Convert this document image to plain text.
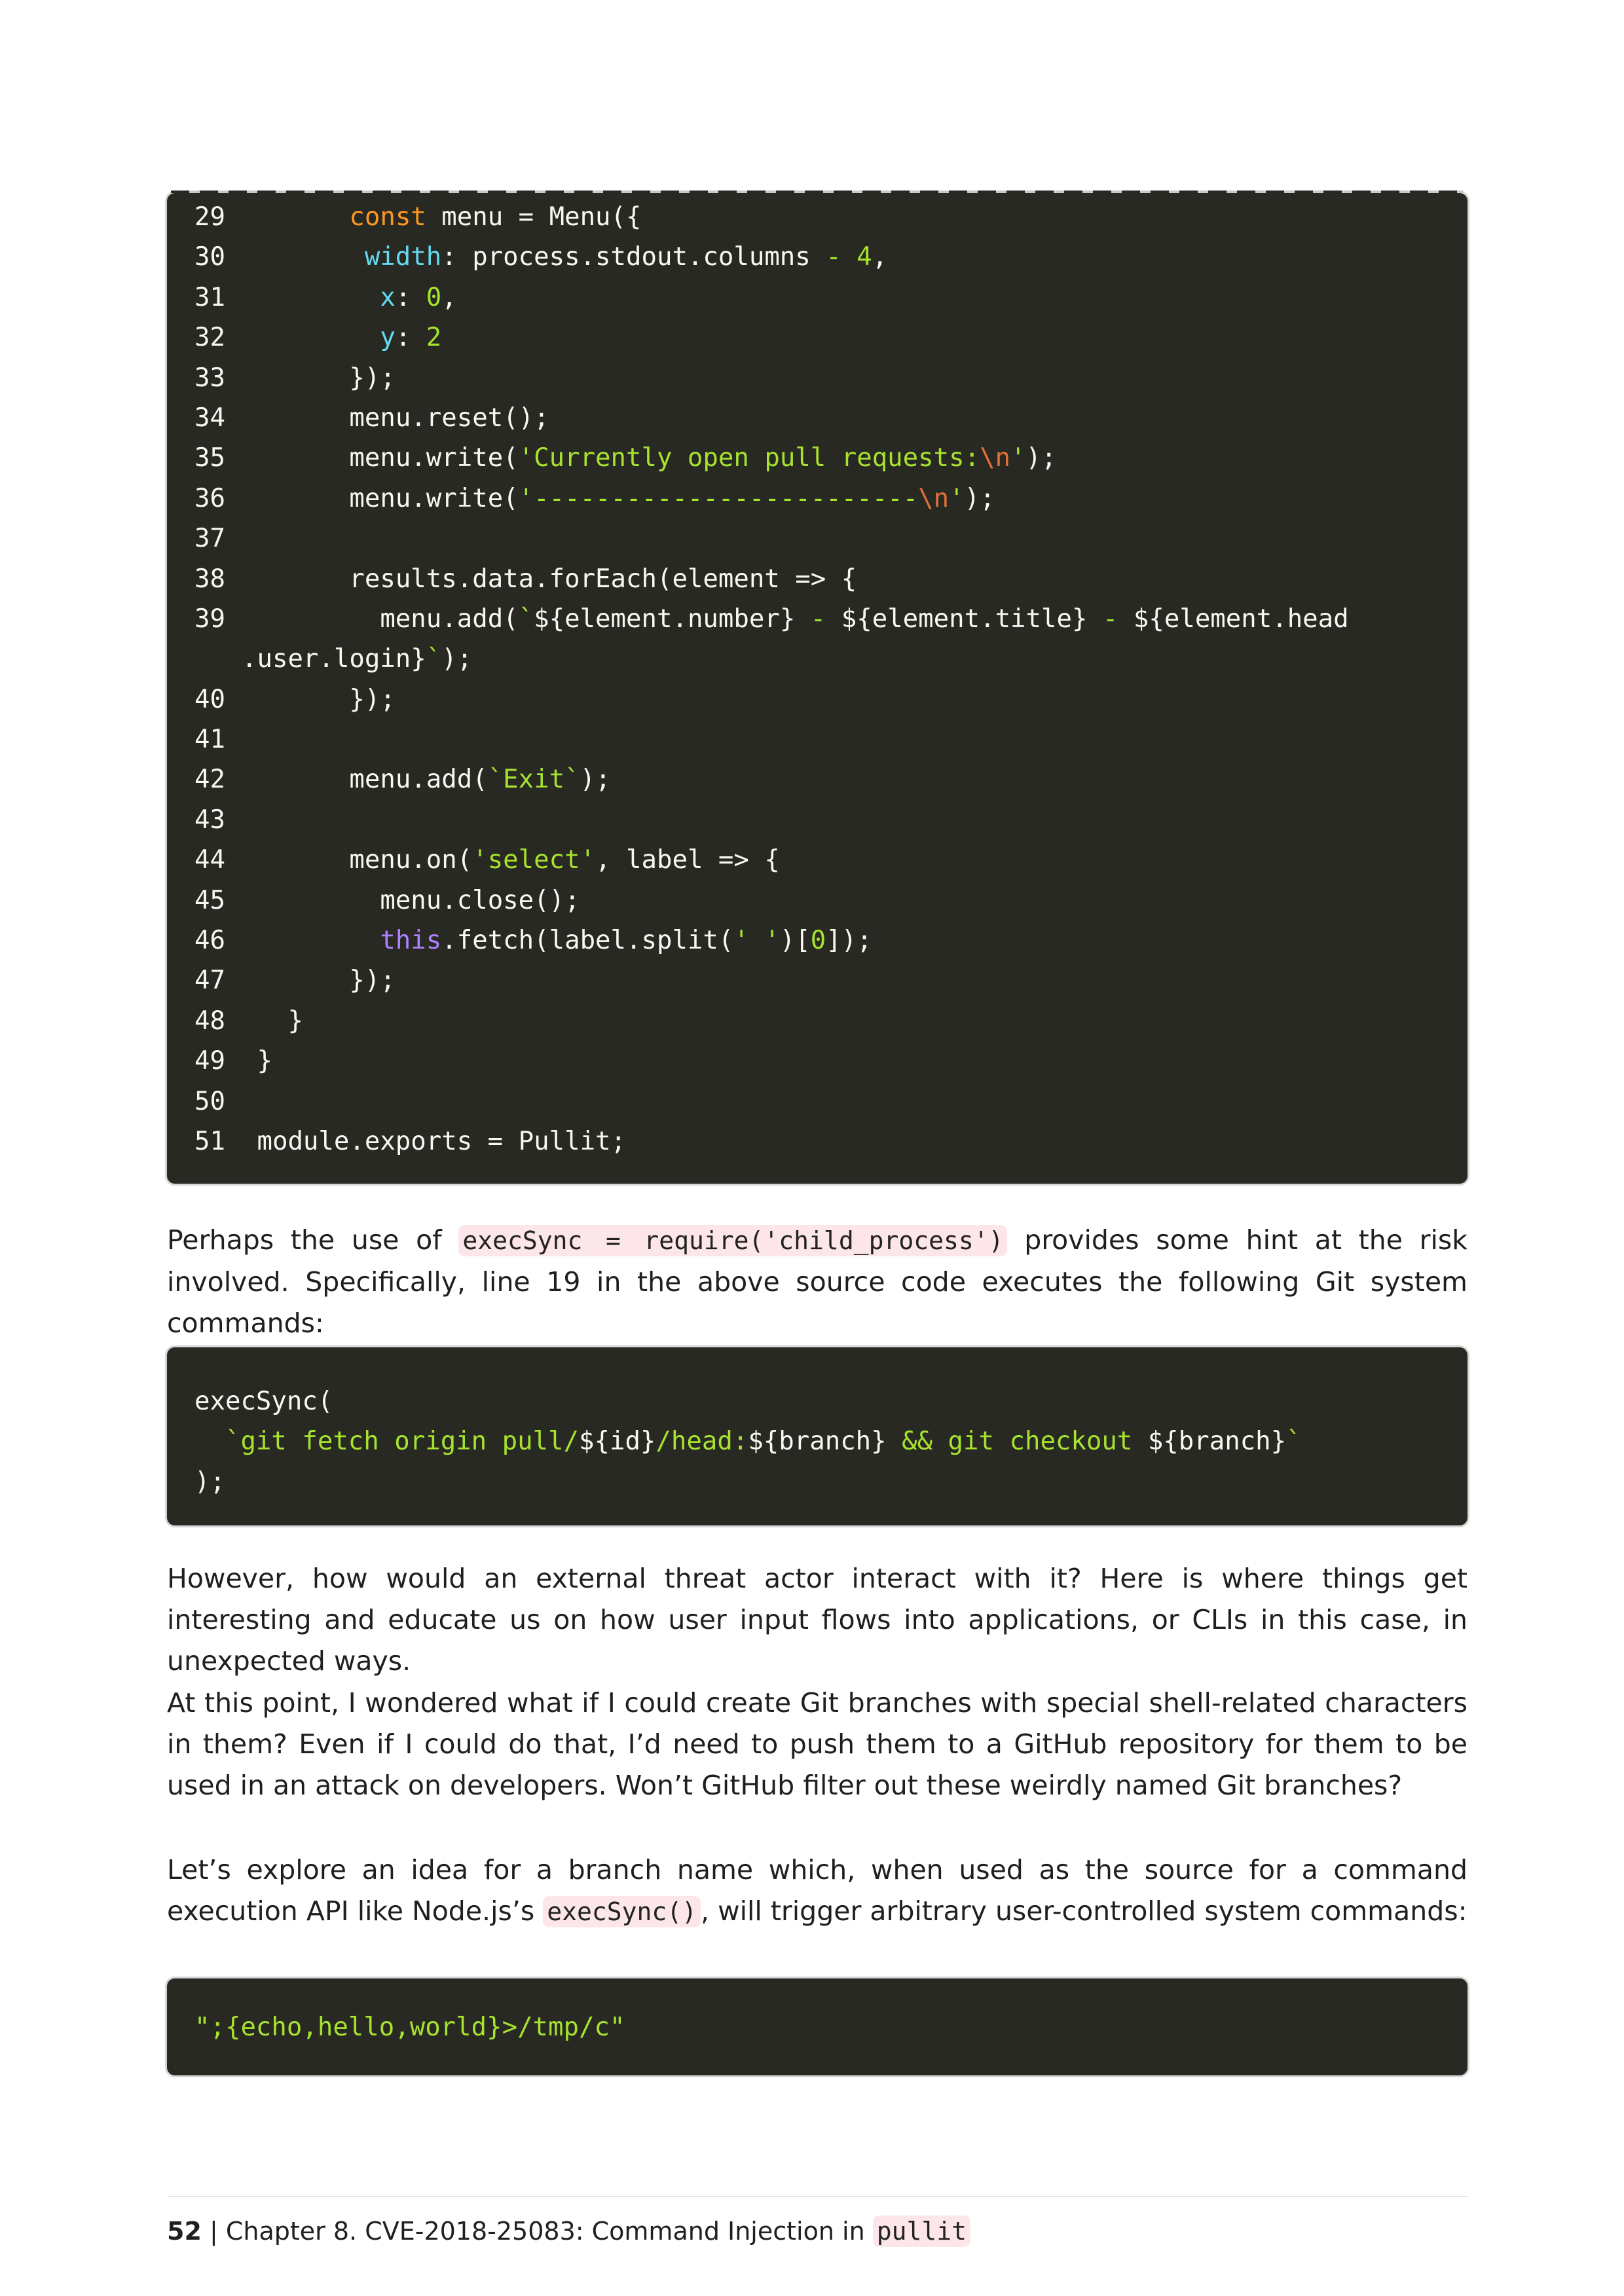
29	const menu = Menu({
30	width: process.stdout.columns - 4,
31	x: 0,
32	y: 2
33	});
34	menu.reset();
35	menu.write('Currently open pull requests:\n');
36	menu.write('-------------------------\n');
37

38	results.data.forEach(element => {
39	menu.add(`${element.number} - ${element.title} - ${element.head
.user.login}`);
40	});
41

42	menu.add(`Exit`);
43

44	menu.on('select', label => {
45	menu.close();
46	this.fetch(label.split(' ')[0]);
47	});
48	}
49	}
50

51	module.exports = Pullit;
Perhaps the use of execSync = require('child_process') provides some hint at the risk involved. Specifically, line 19 in the above source code executes the following Git system commands:
execSync(
`git fetch origin pull/${id}/head:${branch} && git checkout ${branch}`
);
However, how would an external threat actor interact with it? Here is where things get interesting and educate us on how user input flows into applications, or CLIs in this case, in unexpected ways.
At this point, I wondered what if I could create Git branches with special shell-related characters in them? Even if I could do that, I’d need to push them to a GitHub repository for them to be used in an attack on developers. Won’t GitHub filter out these weirdly named Git branches?
Let’s explore an idea for a branch name which, when used as the source for a command execution API like Node.js’s execSync() , will trigger arbitrary user-controlled system commands:
";{echo,hello,world}>/tmp/c"
52 | Chapter 8. CVE-2018-25083: Command Injection in pullit
